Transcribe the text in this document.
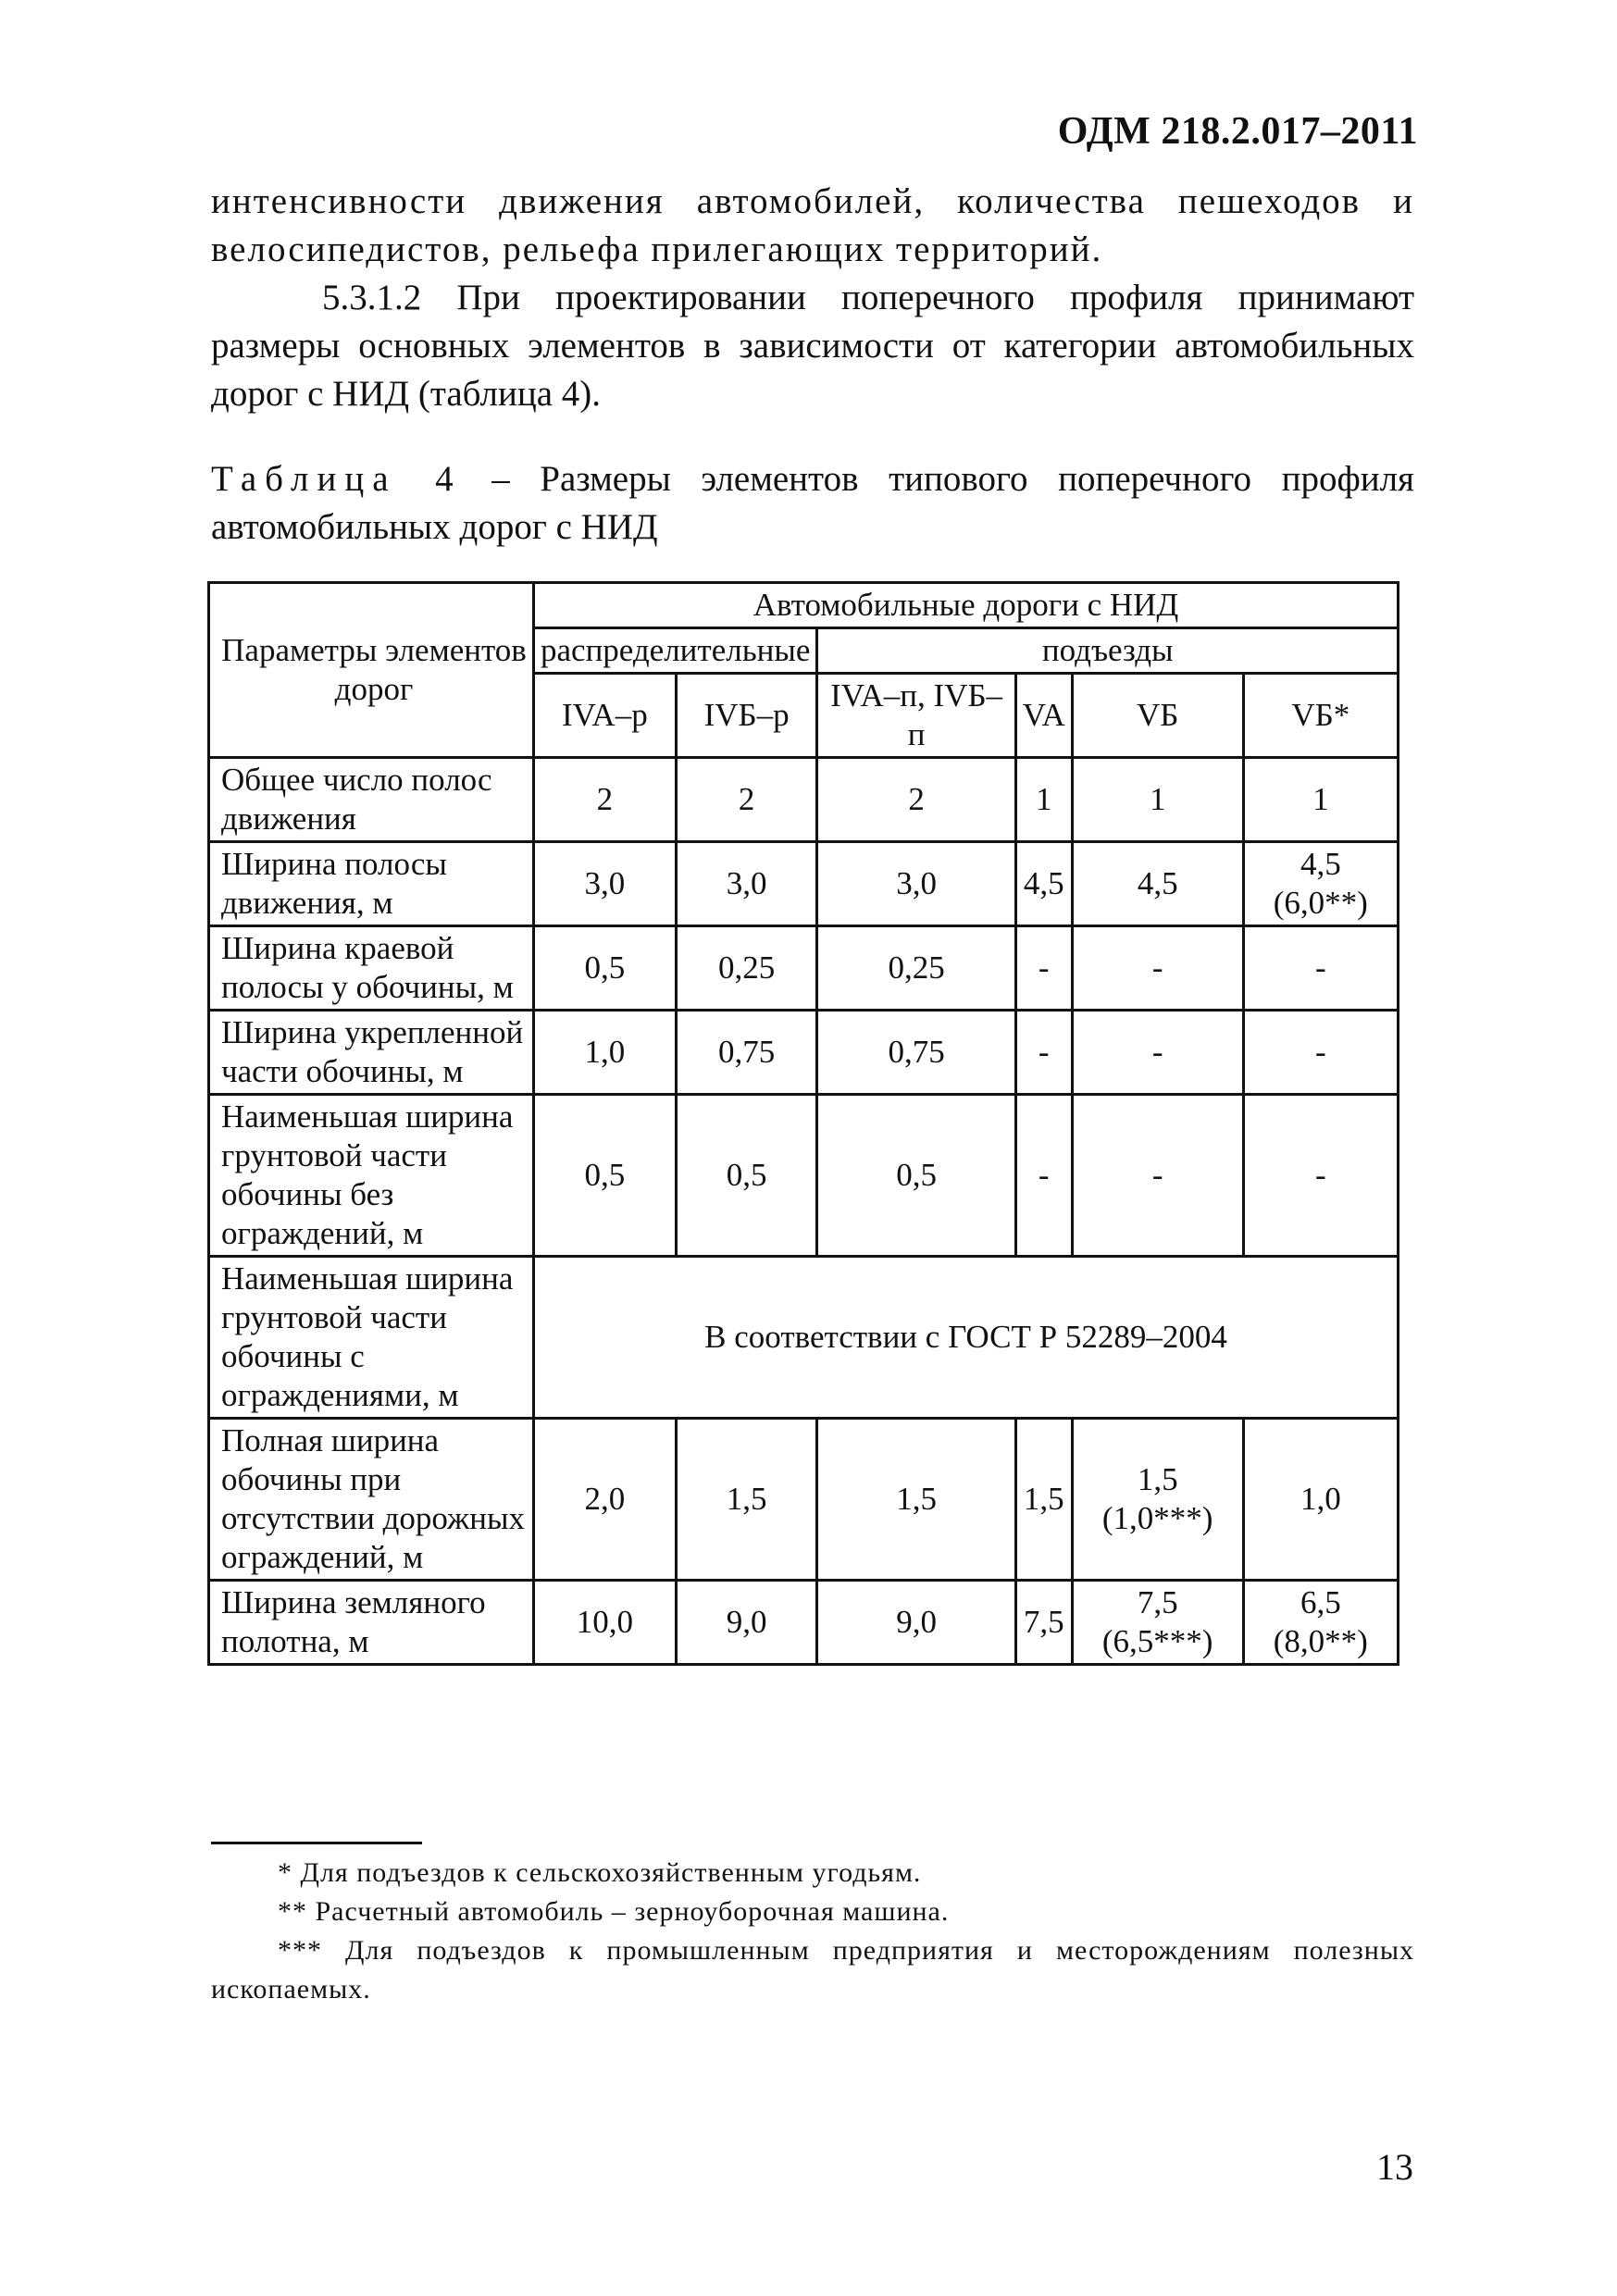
ОДМ 218.2.017–2011
интенсивности движения автомобилей, количества пешеходов и велосипедистов, рельефа прилегающих территорий.
5.3.1.2 При проектировании поперечного профиля принимают размеры основных элементов в зависимости от категории автомобильных дорог с НИД (таблица 4).
Таблица 4 – Размеры элементов типового поперечного профиля автомобильных дорог с НИД
Параметры элементов дорог	Автомобильные дороги с НИД					
	распределительные		подъезды			
	IVA–р	IVБ–р	IVA–п, IVБ–п	VA	VБ	VБ*
Общее число полос движения	2	2	2	1	1	1
Ширина полосы движения, м	3,0	3,0	3,0	4,5	4,5	4,5 (6,0**)
Ширина краевой полосы у обочины, м	0,5	0,25	0,25	-	-	-
Ширина укрепленной части обочины, м	1,0	0,75	0,75	-	-	-
Наименьшая ширина грунтовой части обочины без ограждений, м	0,5	0,5	0,5	-	-	-
Наименьшая ширина грунтовой части обочины с ограждениями, м	В соответствии с ГОСТ Р 52289–2004					
Полная ширина обочины при отсутствии дорожных ограждений, м	2,0	1,5	1,5	1,5	1,5 (1,0***)	1,0
Ширина земляного полотна, м	10,0	9,0	9,0	7,5	7,5 (6,5***)	6,5 (8,0**)
* Для подъездов к сельскохозяйственным угодьям.
** Расчетный автомобиль – зерноуборочная машина.
*** Для подъездов к промышленным предприятия и месторождениям полезных ископаемых.
13
